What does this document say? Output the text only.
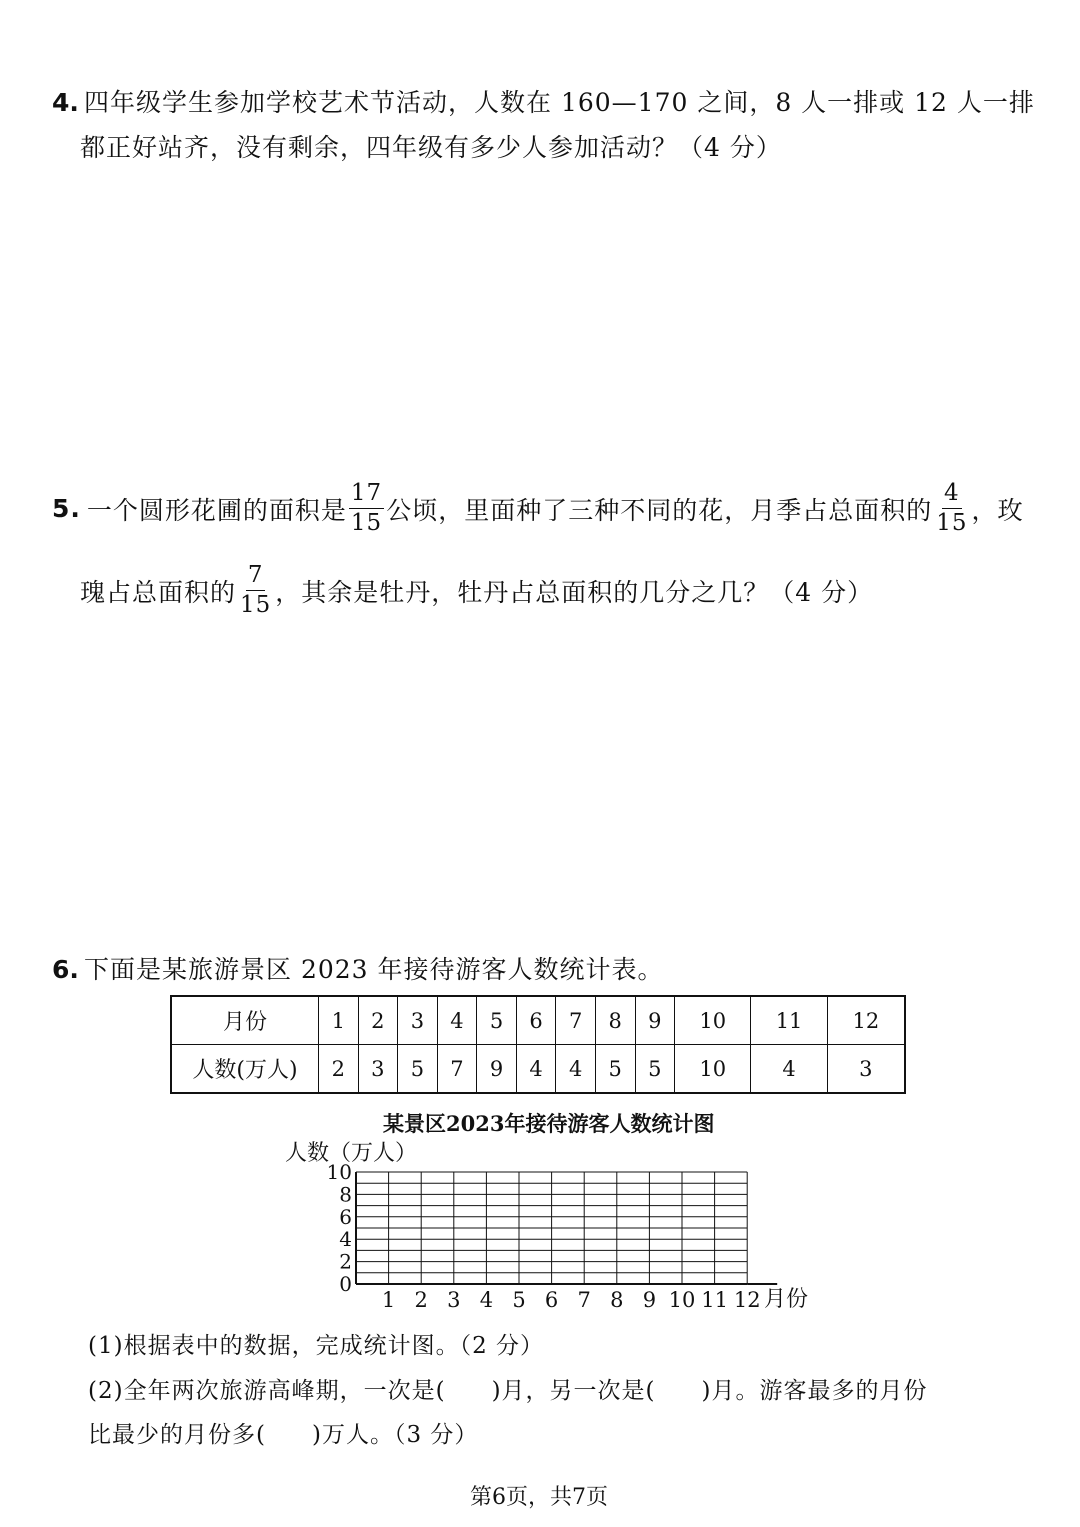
4. 四年级学生参加学校艺术节活动，人数在 160—170 之间，8 人一排或 12 人一排
都正好站齐，没有剩余，四年级有多少人参加活动？（4 分）
5. 一个圆形花圃的面积是 $\frac{17}{15}$ 公顷，里面种了三种不同的花，月季占总面积的 $\frac{4}{15}$ ，玫
瑰占总面积的 $\frac{7}{15}$ ，其余是牡丹，牡丹占总面积的几分之几？（4 分）
6. 下面是某旅游景区 2023 年接待游客人数统计表。
月份	1	2	3	4	5	6	7	8	9	10	11	12
人数(万人)	2	3	5	7	9	4	4	5	5	10	4	3
某景区2023年接待游客人数统计图
人数（万人）
0
2
4
6
8
10
1 2 3 4 5 6 7 8 9 10 11 12 月份
(1)根据表中的数据，完成统计图。（2 分）
(2)全年两次旅游高峰期，一次是( )月，另一次是( )月。游客最多的月份
比最少的月份多( )万人。（3 分）
第6页，共7页
